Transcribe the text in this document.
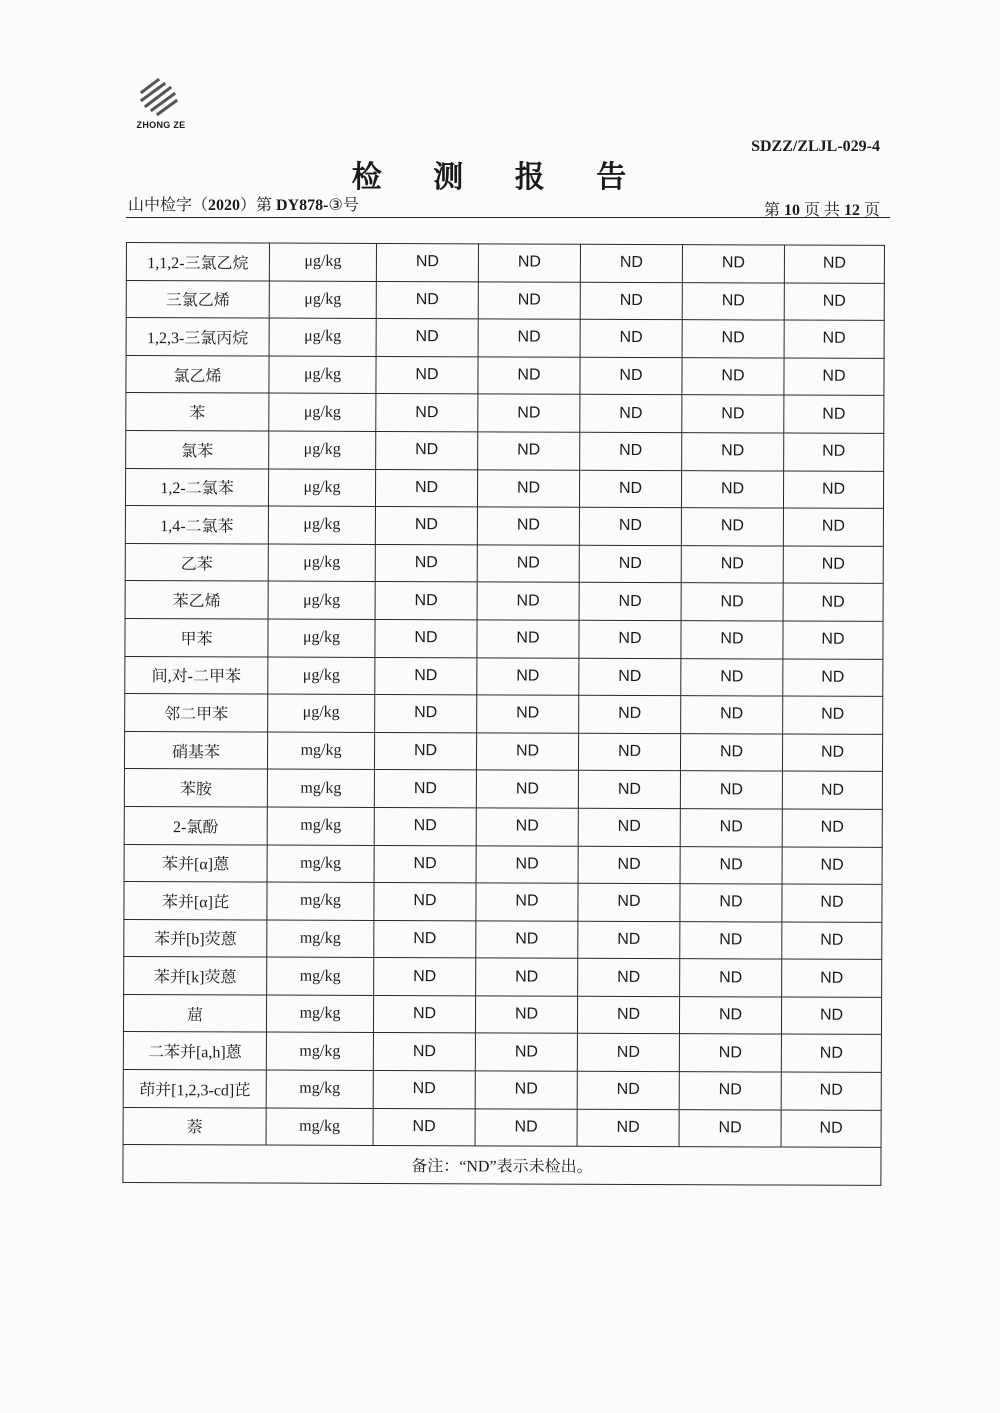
ZHONG ZE
SDZZ/ZLJL-029-4
检 测 报 告
山中检字（2020）第 DY878-③号	第 10 页 共 12 页
1,1,2-三氯乙烷	μg/kg	ND	ND	ND	ND	ND
三氯乙烯	μg/kg	ND	ND	ND	ND	ND
1,2,3-三氯丙烷	μg/kg	ND	ND	ND	ND	ND
氯乙烯	μg/kg	ND	ND	ND	ND	ND
苯	μg/kg	ND	ND	ND	ND	ND
氯苯	μg/kg	ND	ND	ND	ND	ND
1,2-二氯苯	μg/kg	ND	ND	ND	ND	ND
1,4-二氯苯	μg/kg	ND	ND	ND	ND	ND
乙苯	μg/kg	ND	ND	ND	ND	ND
苯乙烯	μg/kg	ND	ND	ND	ND	ND
甲苯	μg/kg	ND	ND	ND	ND	ND
间,对-二甲苯	μg/kg	ND	ND	ND	ND	ND
邻二甲苯	μg/kg	ND	ND	ND	ND	ND
硝基苯	mg/kg	ND	ND	ND	ND	ND
苯胺	mg/kg	ND	ND	ND	ND	ND
2-氯酚	mg/kg	ND	ND	ND	ND	ND
苯并[α]蒽	mg/kg	ND	ND	ND	ND	ND
苯并[α]芘	mg/kg	ND	ND	ND	ND	ND
苯并[b]荧蒽	mg/kg	ND	ND	ND	ND	ND
苯并[k]荧蒽	mg/kg	ND	ND	ND	ND	ND
䓛	mg/kg	ND	ND	ND	ND	ND
二苯并[a,h]蒽	mg/kg	ND	ND	ND	ND	ND
茚并[1,2,3-cd]芘	mg/kg	ND	ND	ND	ND	ND
萘	mg/kg	ND	ND	ND	ND	ND
备注：“ND”表示未检出。						
